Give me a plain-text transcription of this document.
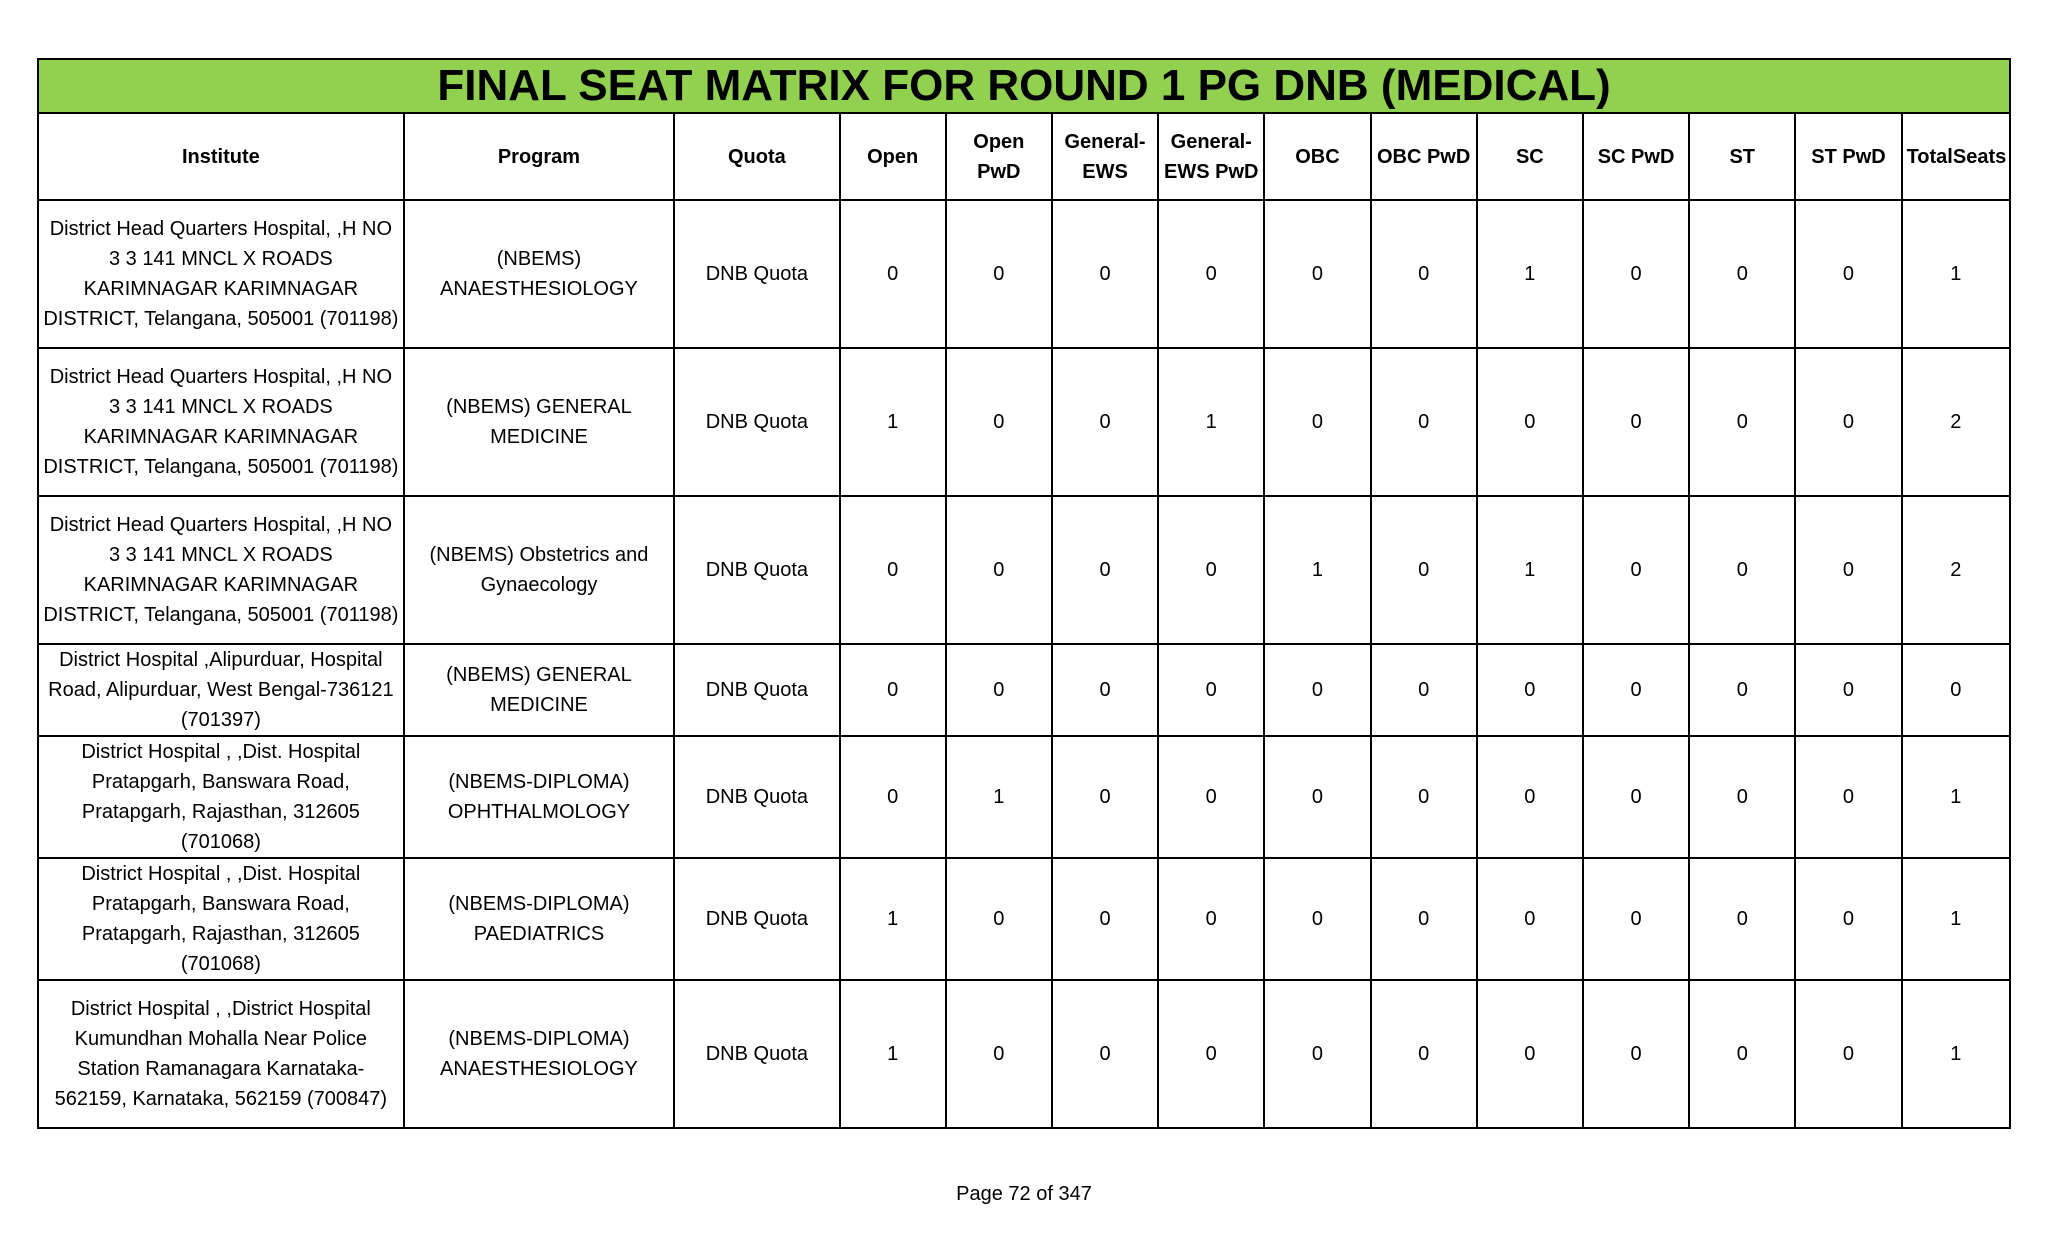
FINAL SEAT MATRIX FOR ROUND 1 PG DNB (MEDICAL)													
Institute	Program	Quota	Open	Open PwD	General-EWS	General-EWS PwD	OBC	OBC PwD	SC	SC PwD	ST	ST PwD	TotalSeats
District Head Quarters Hospital, ,H NO 3 3 141 MNCL X ROADS KARIMNAGAR KARIMNAGAR DISTRICT, Telangana, 505001 (701198)	(NBEMS) ANAESTHESIOLOGY	DNB Quota	0	0	0	0	0	0	1	0	0	0	1
District Head Quarters Hospital, ,H NO 3 3 141 MNCL X ROADS KARIMNAGAR KARIMNAGAR DISTRICT, Telangana, 505001 (701198)	(NBEMS) GENERAL MEDICINE	DNB Quota	1	0	0	1	0	0	0	0	0	0	2
District Head Quarters Hospital, ,H NO 3 3 141 MNCL X ROADS KARIMNAGAR KARIMNAGAR DISTRICT, Telangana, 505001 (701198)	(NBEMS) Obstetrics and Gynaecology	DNB Quota	0	0	0	0	1	0	1	0	0	0	2
District Hospital ,Alipurduar, Hospital Road, Alipurduar, West Bengal-736121 (701397)	(NBEMS) GENERAL MEDICINE	DNB Quota	0	0	0	0	0	0	0	0	0	0	0
District Hospital , ,Dist. Hospital Pratapgarh, Banswara Road, Pratapgarh, Rajasthan, 312605 (701068)	(NBEMS-DIPLOMA) OPHTHALMOLOGY	DNB Quota	0	1	0	0	0	0	0	0	0	0	1
District Hospital , ,Dist. Hospital Pratapgarh, Banswara Road, Pratapgarh, Rajasthan, 312605 (701068)	(NBEMS-DIPLOMA) PAEDIATRICS	DNB Quota	1	0	0	0	0	0	0	0	0	0	1
District Hospital , ,District Hospital Kumundhan Mohalla Near Police Station Ramanagara Karnataka-562159, Karnataka, 562159 (700847)	(NBEMS-DIPLOMA) ANAESTHESIOLOGY	DNB Quota	1	0	0	0	0	0	0	0	0	0	1
Page 72 of 347
